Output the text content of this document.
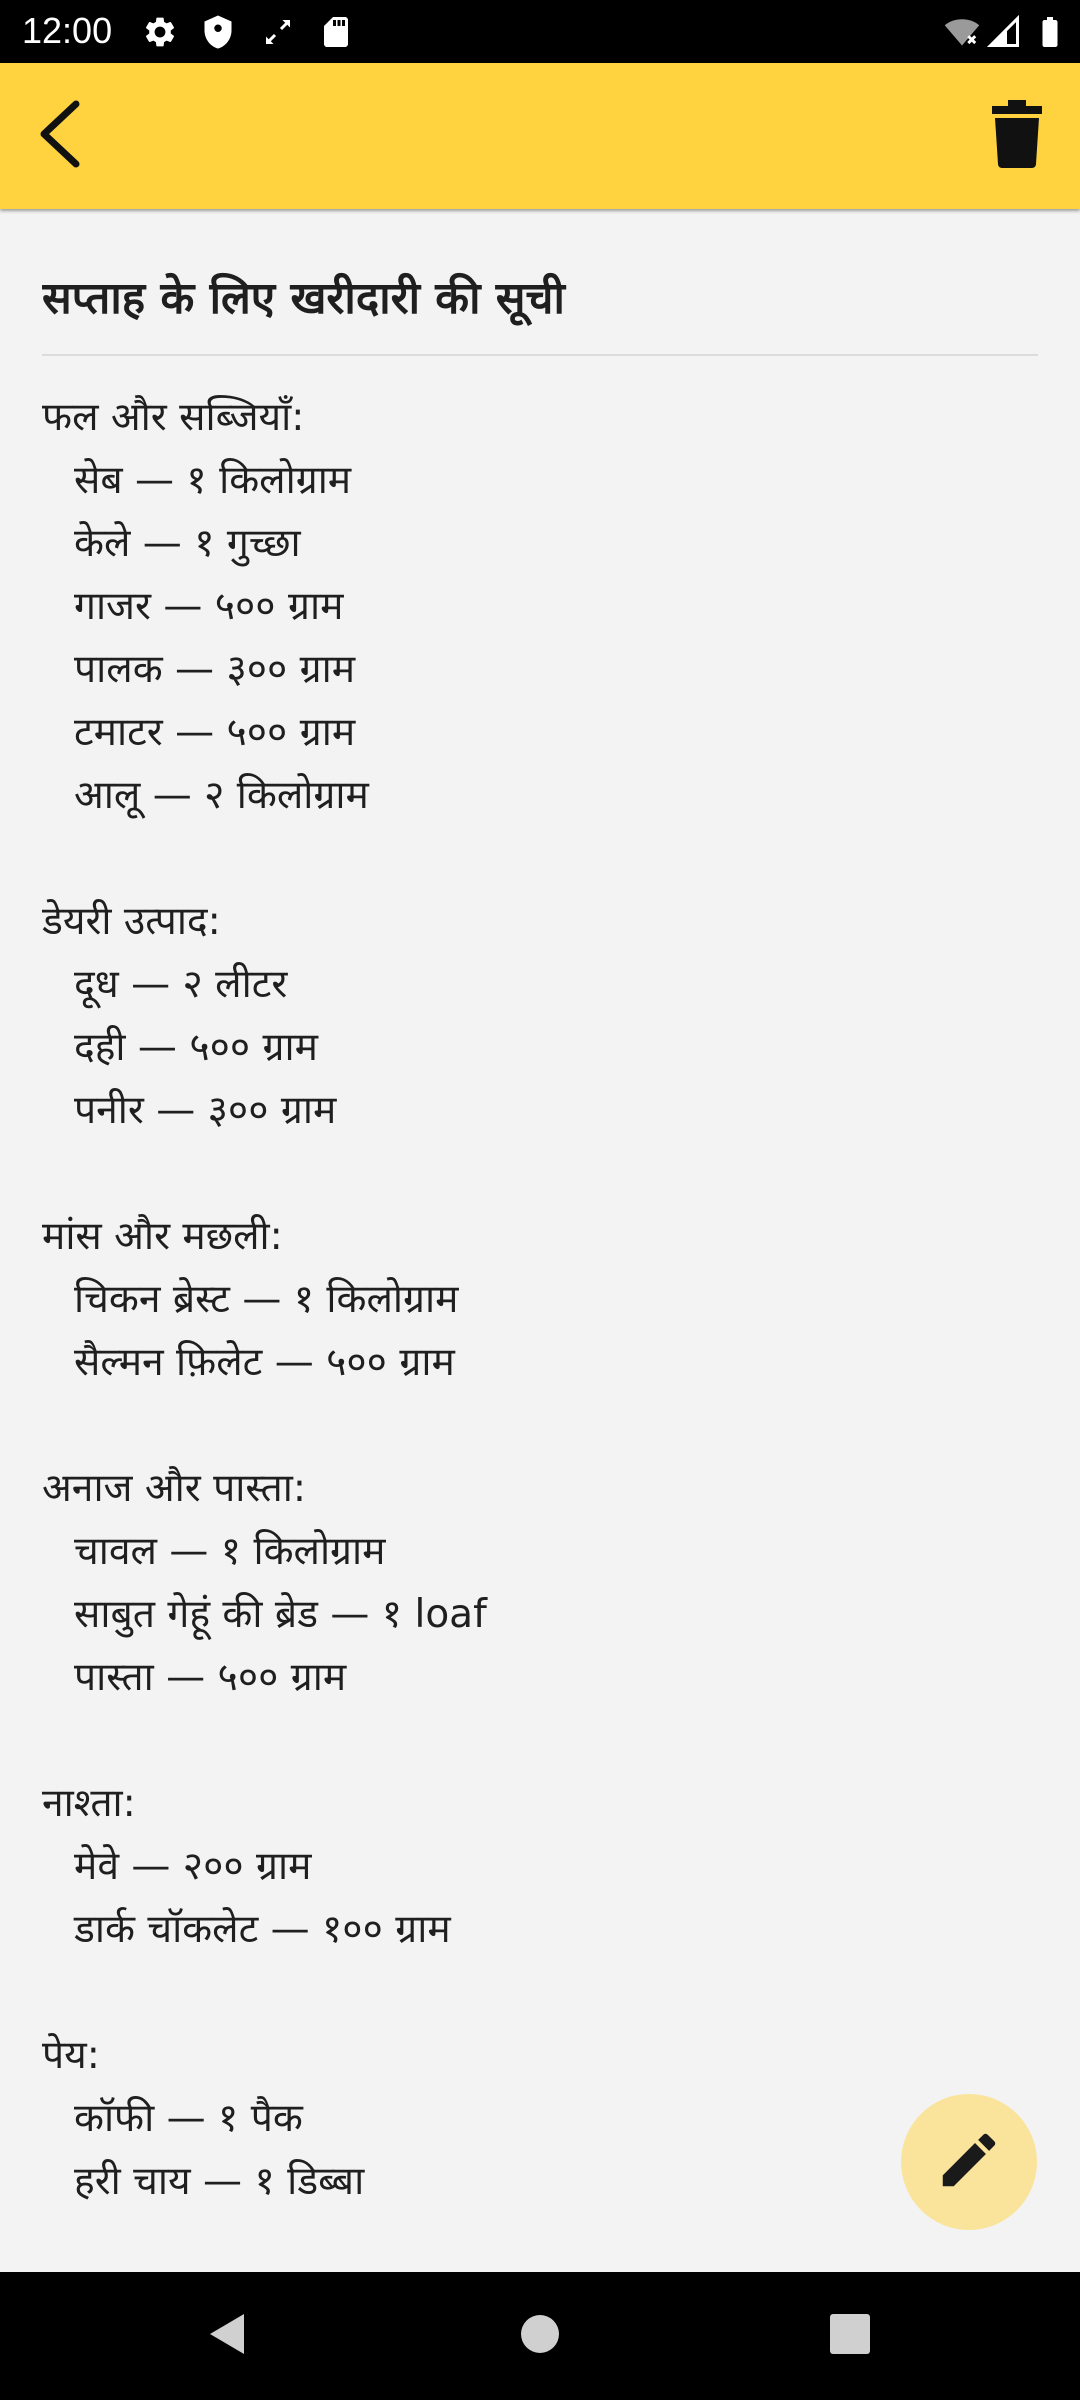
12:00
सप्ताह के लिए खरीदारी की सूची
फल और सब्जियाँ:
सेब — १ किलोग्राम
केले — १ गुच्छा
गाजर — ५०० ग्राम
पालक — ३०० ग्राम
टमाटर — ५०० ग्राम
आलू — २ किलोग्राम
डेयरी उत्पाद:
दूध — २ लीटर
दही — ५०० ग्राम
पनीर — ३०० ग्राम
मांस और मछली:
चिकन ब्रेस्ट — १ किलोग्राम
सैल्मन फ़िलेट — ५०० ग्राम
अनाज और पास्ता:
चावल — १ किलोग्राम
साबुत गेहूं की ब्रेड — १ loaf
पास्ता — ५०० ग्राम
नाश्ता:
मेवे — २०० ग्राम
डार्क चॉकलेट — १०० ग्राम
पेय:
कॉफी — १ पैक
हरी चाय — १ डिब्बा
